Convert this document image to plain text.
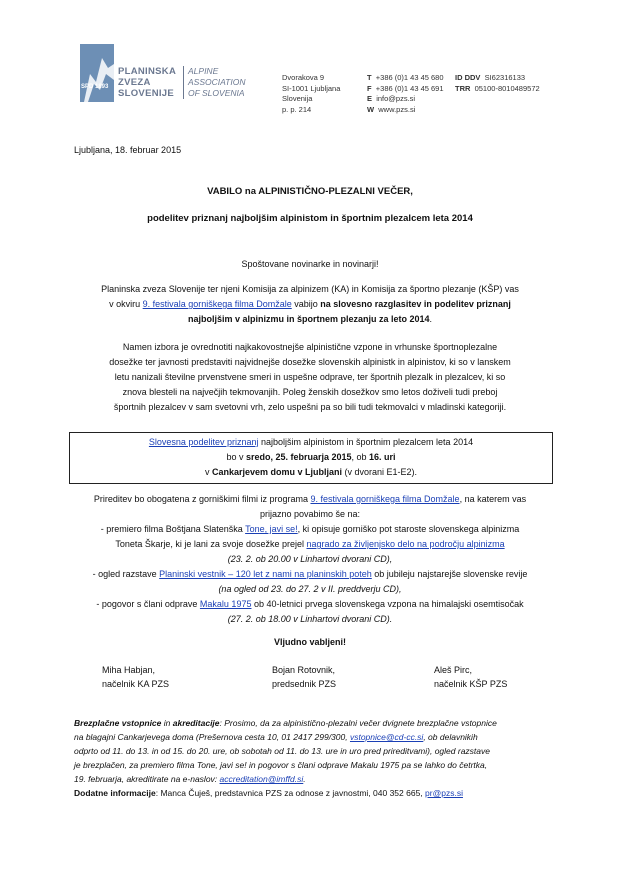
SPD 1893
PLANINSKA
ZVEZA
SLOVENIJE
ALPINE
ASSOCIATION
OF SLOVENIA
Dvorakova 9
SI-1001 Ljubljana
Slovenija
p. p. 214
T +386 (0)1 43 45 680
F +386 (0)1 43 45 691
E info@pzs.si
W www.pzs.si
ID DDV SI62316133
TRR 05100-8010489572
Ljubljana, 18. februar 2015
VABILO na ALPINISTIČNO-PLEZALNI VEČER,
podelitev priznanj najboljšim alpinistom in športnim plezalcem leta 2014
Spoštovane novinarke in novinarji!
Planinska zveza Slovenije ter njeni Komisija za alpinizem (KA) in Komisija za športno plezanje (KŠP) vas
v okviru 9. festivala gorniškega filma Domžale vabijo na slovesno razglasitev in podelitev priznanj
najboljšim v alpinizmu in športnem plezanju za leto 2014.
Namen izbora je ovrednotiti najkakovostnejše alpinistične vzpone in vrhunske športnoplezalne
dosežke ter javnosti predstaviti najvidnejše dosežke slovenskih alpinistk in alpinistov, ki so v lanskem
letu nanizali številne prvenstvene smeri in uspešne odprave, ter športnih plezalk in plezalcev, ki so
znova blesteli na največjih tekmovanjih. Poleg ženskih dosežkov smo letos doživeli tudi preboj
športnih plezalcev v sam svetovni vrh, zelo uspešni pa so bili tudi tekmovalci v mladinski kategoriji.
Slovesna podelitev priznanj najboljšim alpinistom in športnim plezalcem leta 2014
bo v sredo, 25. februarja 2015, ob 16. uri
v Cankarjevem domu v Ljubljani (v dvorani E1-E2).
Prireditev bo obogatena z gorniškimi filmi iz programa 9. festivala gorniškega filma Domžale, na katerem vas
prijazno povabimo še na:
- premiero filma Boštjana Slatenška Tone, javi se!, ki opisuje gorniško pot staroste slovenskega alpinizma
Toneta Škarje, ki je lani za svoje dosežke prejel nagrado za življenjsko delo na področju alpinizma
(23. 2. ob 20.00 v Linhartovi dvorani CD),
- ogled razstave Planinski vestnik – 120 let z nami na planinskih poteh ob jubileju najstarejše slovenske revije
(na ogled od 23. do 27. 2 v II. preddverju CD),
- pogovor s člani odprave Makalu 1975 ob 40-letnici prvega slovenskega vzpona na himalajski osemtisočak
(27. 2. ob 18.00 v Linhartovi dvorani CD).
Vljudno vabljeni!
Miha Habjan,
načelnik KA PZS
Bojan Rotovnik,
predsednik PZS
Aleš Pirc,
načelnik KŠP PZS
Brezplačne vstopnice in akreditacije: Prosimo, da za alpinistično-plezalni večer dvignete brezplačne vstopnice
na blagajni Cankarjevega doma (Prešernova cesta 10, 01 2417 299/300, vstopnice@cd-cc.si, ob delavnikih
odprto od 11. do 13. in od 15. do 20. ure, ob sobotah od 11. do 13. ure in uro pred prireditvami), ogled razstave
je brezplačen, za premiero filma Tone, javi se! in pogovor s člani odprave Makalu 1975 pa se lahko do četrtka,
19. februarja, akreditirate na e-naslov: accreditation@imffd.si.
Dodatne informacije: Manca Čuješ, predstavnica PZS za odnose z javnostmi, 040 352 665, pr@pzs.si
